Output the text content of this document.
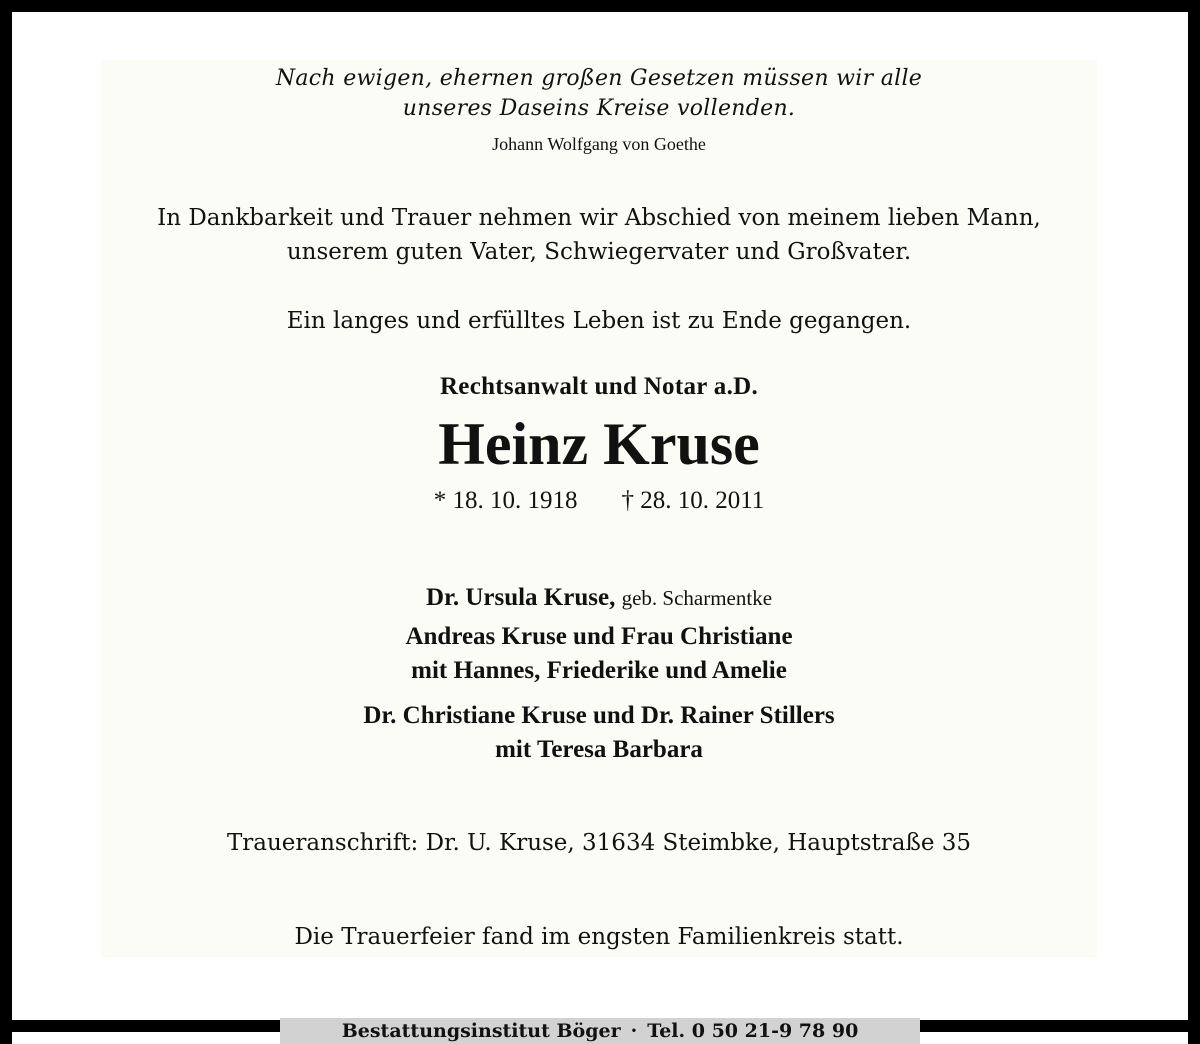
Nach ewigen, ehernen großen Gesetzen müssen wir alle
unseres Daseins Kreise vollenden.
Johann Wolfgang von Goethe
In Dankbarkeit und Trauer nehmen wir Abschied von meinem lieben Mann,
unserem guten Vater, Schwiegervater und Großvater.
Ein langes und erfülltes Leben ist zu Ende gegangen.
Rechtsanwalt und Notar a.D.
Heinz Kruse
* 18. 10. 1918 † 28. 10. 2011
Dr. Ursula Kruse, geb. Scharmentke
Andreas Kruse und Frau Christiane
mit Hannes, Friederike und Amelie
Dr. Christiane Kruse und Dr. Rainer Stillers
mit Teresa Barbara
Traueranschrift: Dr. U. Kruse, 31634 Steimbke, Hauptstraße 35
Die Trauerfeier fand im engsten Familienkreis statt.
Bestattungsinstitut Böger · Tel. 0 50 21-9 78 90
